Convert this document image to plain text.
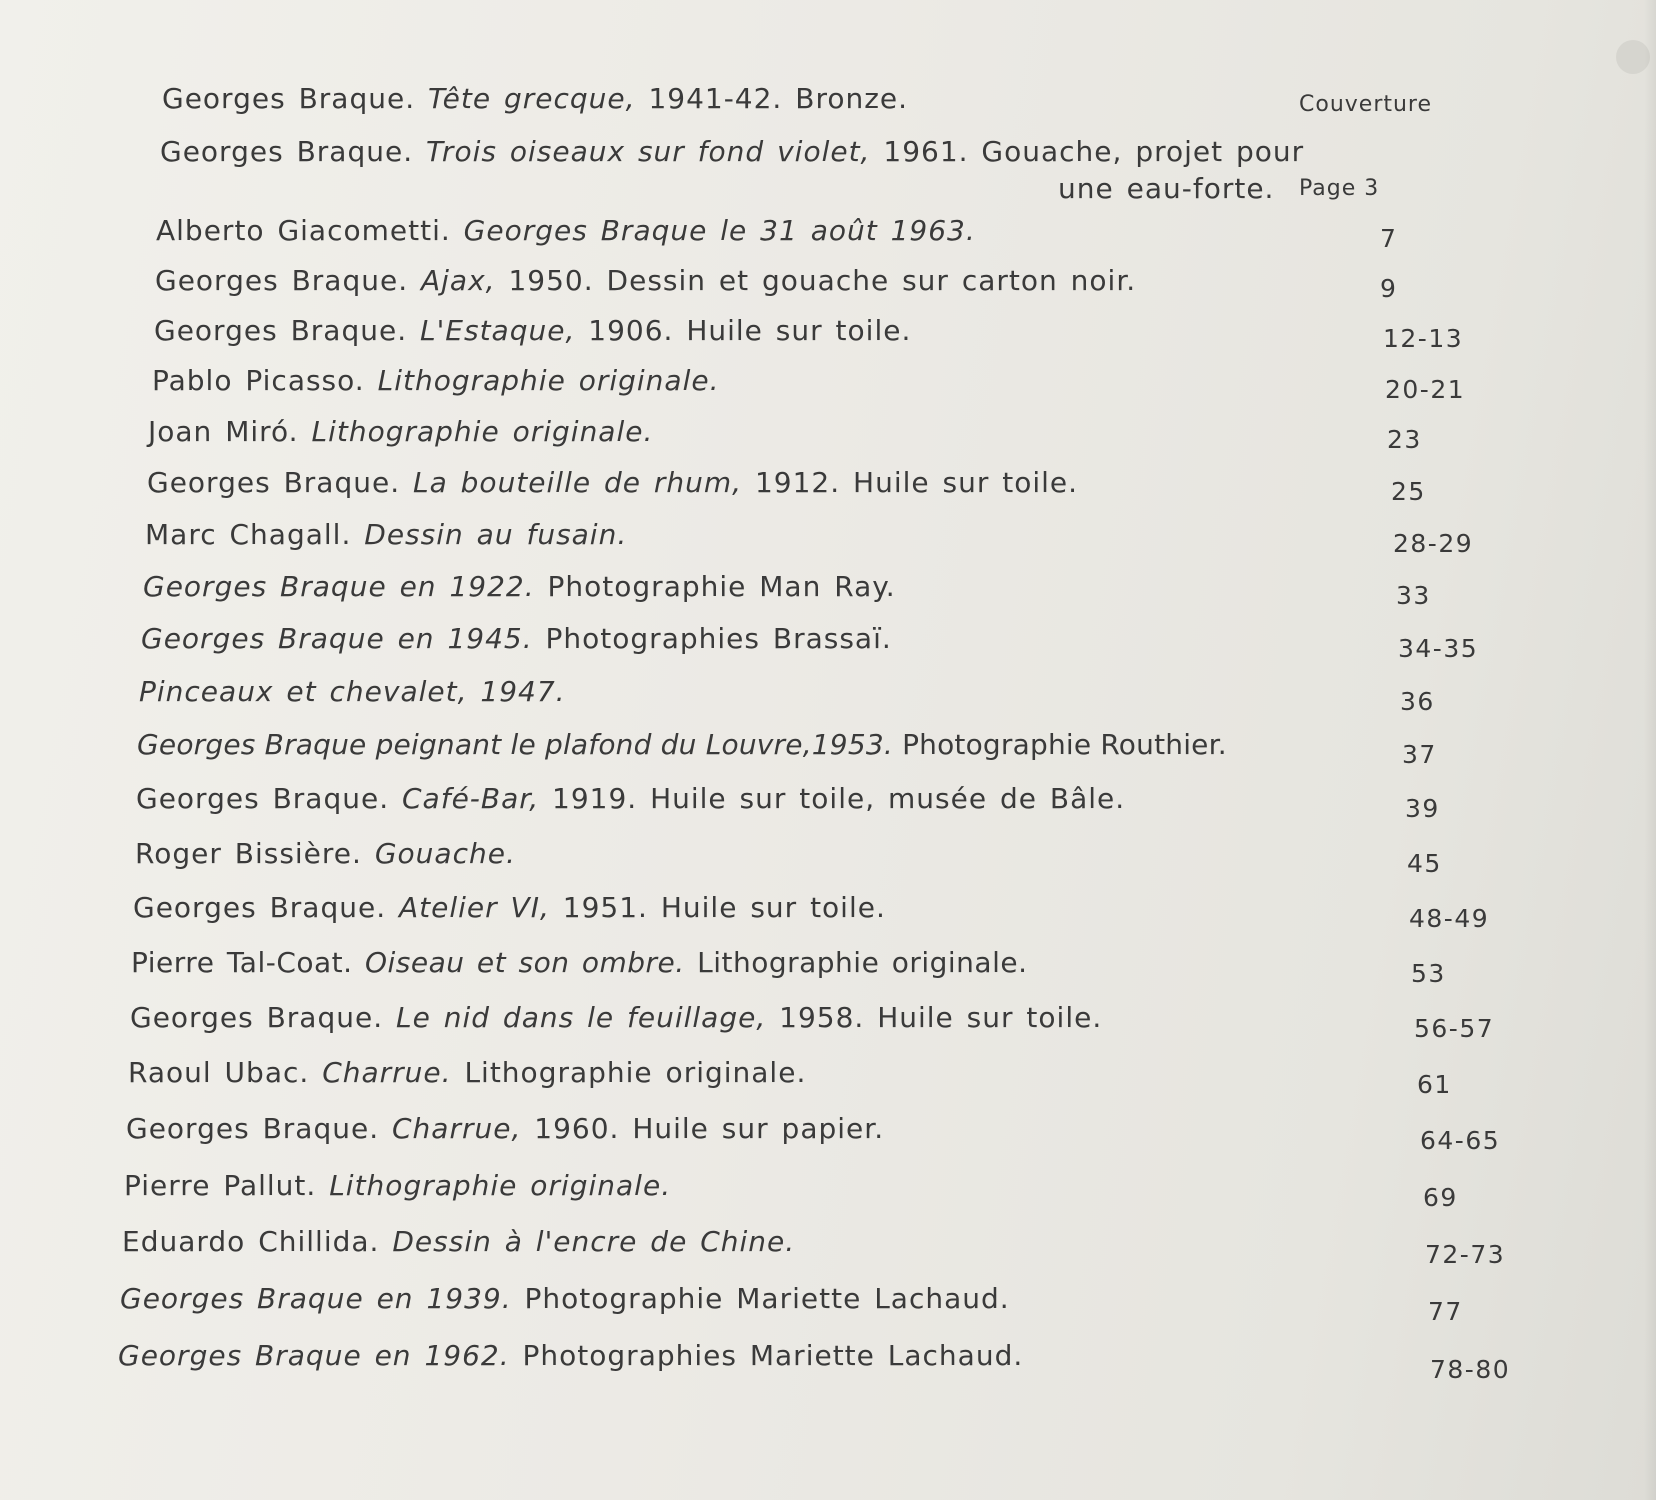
Georges Braque.
Tête grecque,
1941-42. Bronze.	Couverture
Georges Braque.
Trois oiseaux sur fond violet,
1961. Gouache, projet pour
une eau-forte. Page 3
Alberto Giacometti.
Georges Braque le 31 août 1963.	7
Georges Braque.
Ajax,
1950. Dessin et gouache sur carton noir.	9
Georges Braque.
L'Estaque,
1906. Huile sur toile.	12-13
Pablo Picasso.
Lithographie originale.	20-21
Joan Miró.
Lithographie originale.	23
Georges Braque.
La bouteille de rhum,
1912. Huile sur toile.	25
Marc Chagall.
Dessin au fusain.	28-29
Georges Braque en 1922.
Photographie Man Ray.	33
Georges Braque en 1945.
Photographies Brassaï.	34-35
Pinceaux et chevalet, 1947.	36
Georges Braque peignant le plafond du Louvre,1953.
Photographie Routhier.	37
Georges Braque.
Café-Bar,
1919. Huile sur toile, musée de Bâle.	39
Roger Bissière.
Gouache.	45
Georges Braque.
Atelier VI,
1951. Huile sur toile.	48-49
Pierre Tal-Coat.
Oiseau et son ombre.
Lithographie originale.	53
Georges Braque.
Le nid dans le feuillage,
1958. Huile sur toile.	56-57
Raoul Ubac.
Charrue.
Lithographie originale.	61
Georges Braque.
Charrue,
1960. Huile sur papier.	64-65
Pierre Pallut.
Lithographie originale.	69
Eduardo Chillida.
Dessin à l'encre de Chine.	72-73
Georges Braque en 1939.
Photographie Mariette Lachaud.	77
Georges Braque en 1962.
Photographies Mariette Lachaud.	78-80
